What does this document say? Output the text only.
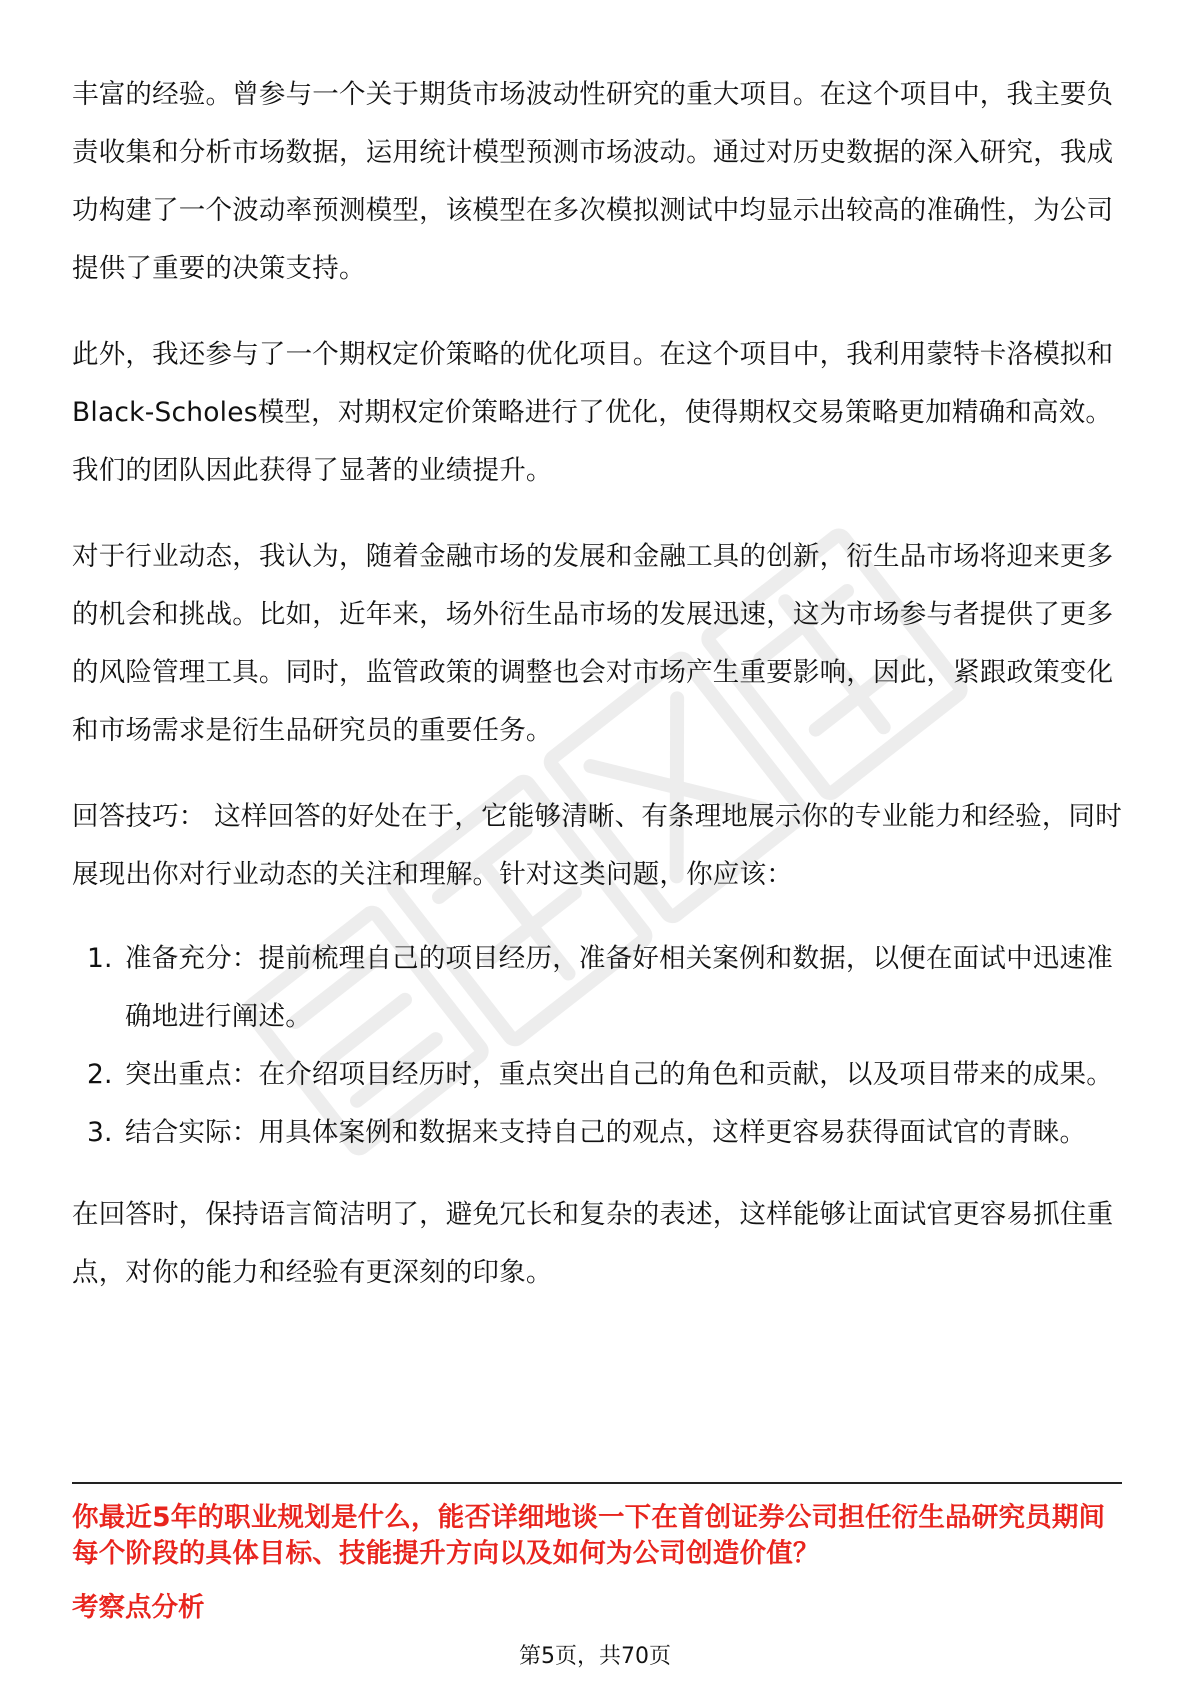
丰富的经验。曾参与一个关于期货市场波动性研究的重大项目。在这个项目中，我主要负责收集和分析市场数据，运用统计模型预测市场波动。通过对历史数据的深入研究，我成功构建了一个波动率预测模型，该模型在多次模拟测试中均显示出较高的准确性，为公司提供了重要的决策支持。

此外，我还参与了一个期权定价策略的优化项目。在这个项目中，我利用蒙特卡洛模拟和Black-Scholes模型，对期权定价策略进行了优化，使得期权交易策略更加精确和高效。我们的团队因此获得了显著的业绩提升。

对于行业动态，我认为，随着金融市场的发展和金融工具的创新，衍生品市场将迎来更多的机会和挑战。比如，近年来，场外衍生品市场的发展迅速，这为市场参与者提供了更多的风险管理工具。同时，监管政策的调整也会对市场产生重要影响，因此，紧跟政策变化和市场需求是衍生品研究员的重要任务。

回答技巧： 这样回答的好处在于，它能够清晰、有条理地展示你的专业能力和经验，同时展现出你对行业动态的关注和理解。针对这类问题，你应该：

1. 准备充分：提前梳理自己的项目经历，准备好相关案例和数据，以便在面试中迅速准确地进行阐述。
2. 突出重点：在介绍项目经历时，重点突出自己的角色和贡献，以及项目带来的成果。
3. 结合实际：用具体案例和数据来支持自己的观点，这样更容易获得面试官的青睐。

在回答时，保持语言简洁明了，避免冗长和复杂的表述，这样能够让面试官更容易抓住重点，对你的能力和经验有更深刻的印象。

你最近5年的职业规划是什么，能否详细地谈一下在首创证券公司担任衍生品研究员期间每个阶段的具体目标、技能提升方向以及如何为公司创造价值？
考察点分析
第5页，共70页
